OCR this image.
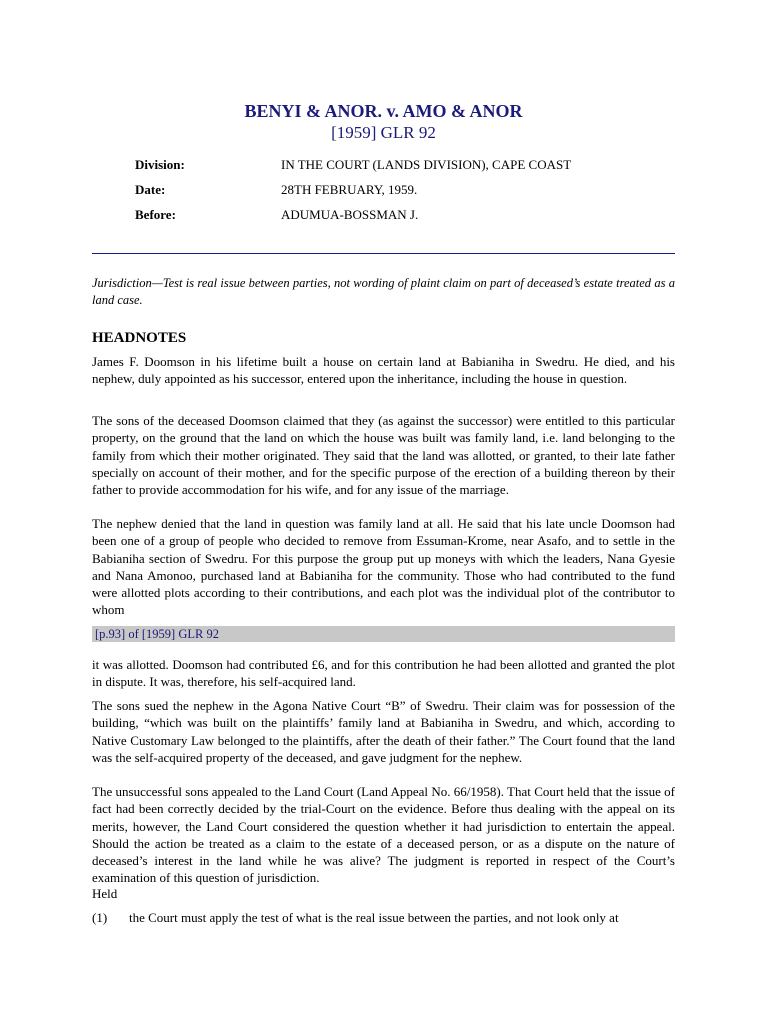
BENYI & ANOR. v. AMO & ANOR
[1959] GLR 92
Division:	IN THE COURT (LANDS DIVISION), CAPE COAST
Date:	28TH FEBRUARY, 1959.
Before:	ADUMUA-BOSSMAN J.
Jurisdiction—Test is real issue between parties, not wording of plaint claim on part of deceased’s estate treated as a land case.
HEADNOTES

James F. Doomson in his lifetime built a house on certain land at Babianiha in Swedru. He died, and his nephew, duly appointed as his successor, entered upon the inheritance, including the house in question.

The sons of the deceased Doomson claimed that they (as against the successor) were entitled to this particular property, on the ground that the land on which the house was built was family land, i.e. land belonging to the family from which their mother originated. They said that the land was allotted, or granted, to their late father specially on account of their mother, and for the specific purpose of the erection of a building thereon by their father to provide accommodation for his wife, and for any issue of the marriage.

The nephew denied that the land in question was family land at all. He said that his late uncle Doomson had been one of a group of people who decided to remove from Essuman-Krome, near Asafo, and to settle in the Babianiha section of Swedru. For this purpose the group put up moneys with which the leaders, Nana Gyesie and Nana Amonoo, purchased land at Babianiha for the community. Those who had contributed to the fund were allotted plots according to their contributions, and each plot was the individual plot of the contributor to whom

[p.93] of [1959] GLR 92

it was allotted. Doomson had contributed £6, and for this contribution he had been allotted and granted the plot in dispute. It was, therefore, his self-acquired land.

The sons sued the nephew in the Agona Native Court “B” of Swedru. Their claim was for possession of the building, “which was built on the plaintiffs’ family land at Babianiha in Swedru, and which, according to Native Customary Law belonged to the plaintiffs, after the death of their father.” The Court found that the land was the self-acquired property of the deceased, and gave judgment for the nephew.

The unsuccessful sons appealed to the Land Court (Land Appeal No. 66/1958). That Court held that the issue of fact had been correctly decided by the trial-Court on the evidence. Before thus dealing with the appeal on its merits, however, the Land Court considered the question whether it had jurisdiction to entertain the appeal. Should the action be treated as a claim to the estate of a deceased person, or as a dispute on the nature of deceased’s interest in the land while he was alive? The judgment is reported in respect of the Court’s examination of this question of jurisdiction.

Held
(1)	the Court must apply the test of what is the real issue between the parties, and not look only at
